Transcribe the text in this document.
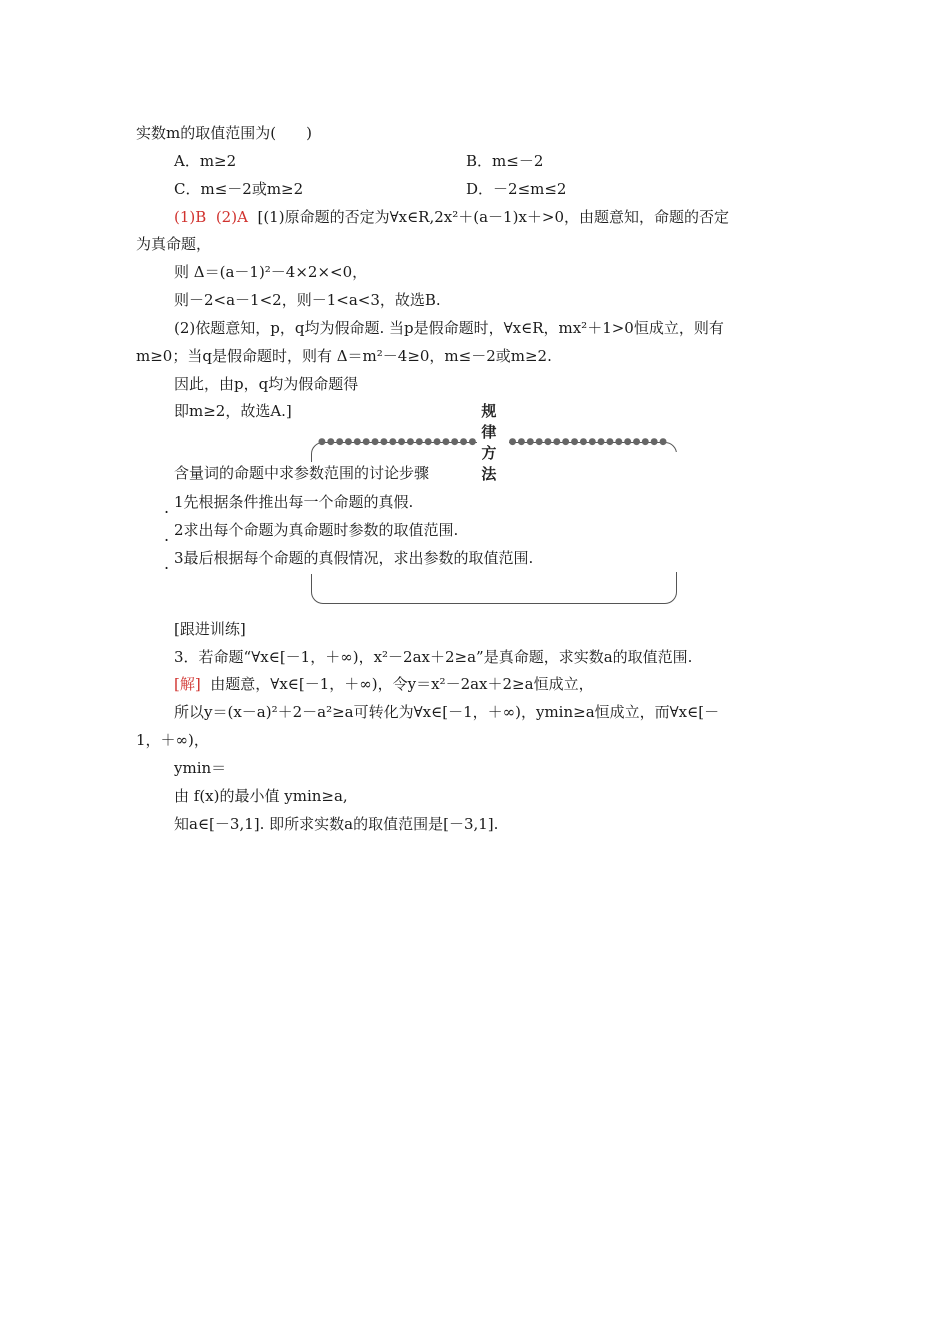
实数m的取值范围为(　　)
A．m≥2	B．m≤－2
C．m≤－2或m≥2	D．－2≤m≤2
(1)B (2)A [(1)原命题的否定为∀x∈R,2x²＋(a－1)x＋>0，由题意知，命题的否定
为真命题，
则 Δ＝(a－1)²－4×2×<0，
则－2<a－1<2，则－1<a<3，故选B.
(2)依题意知，p，q均为假命题. 当p是假命题时，∀x∈R，mx²＋1>0恒成立，则有
m≥0；当q是假命题时，则有 Δ＝m²－4≥0，m≤－2或m≥2.
因此，由p，q均为假命题得
即m≥2，故选A.]
●●●●●●●●●●●●●●●●●●
规律方法
●●●●●●●●●●●●●●●●●●
含量词的命题中求参数范围的讨论步骤
1先根据条件推出每一个命题的真假.
2求出每个命题为真命题时参数的取值范围.
3最后根据每个命题的真假情况，求出参数的取值范围.
.
.
.
[跟进训练]
3．若命题“∀x∈[－1，＋∞)，x²－2ax＋2≥a”是真命题，求实数a的取值范围.
[解] 由题意，∀x∈[－1，＋∞)，令y＝x²－2ax＋2≥a恒成立，
所以y＝(x－a)²＋2－a²≥a可转化为∀x∈[－1，＋∞)，ymin≥a恒成立，而∀x∈[－
1，＋∞)，
ymin＝
由 f(x)的最小值 ymin≥a,
知a∈[－3,1]. 即所求实数a的取值范围是[－3,1].
